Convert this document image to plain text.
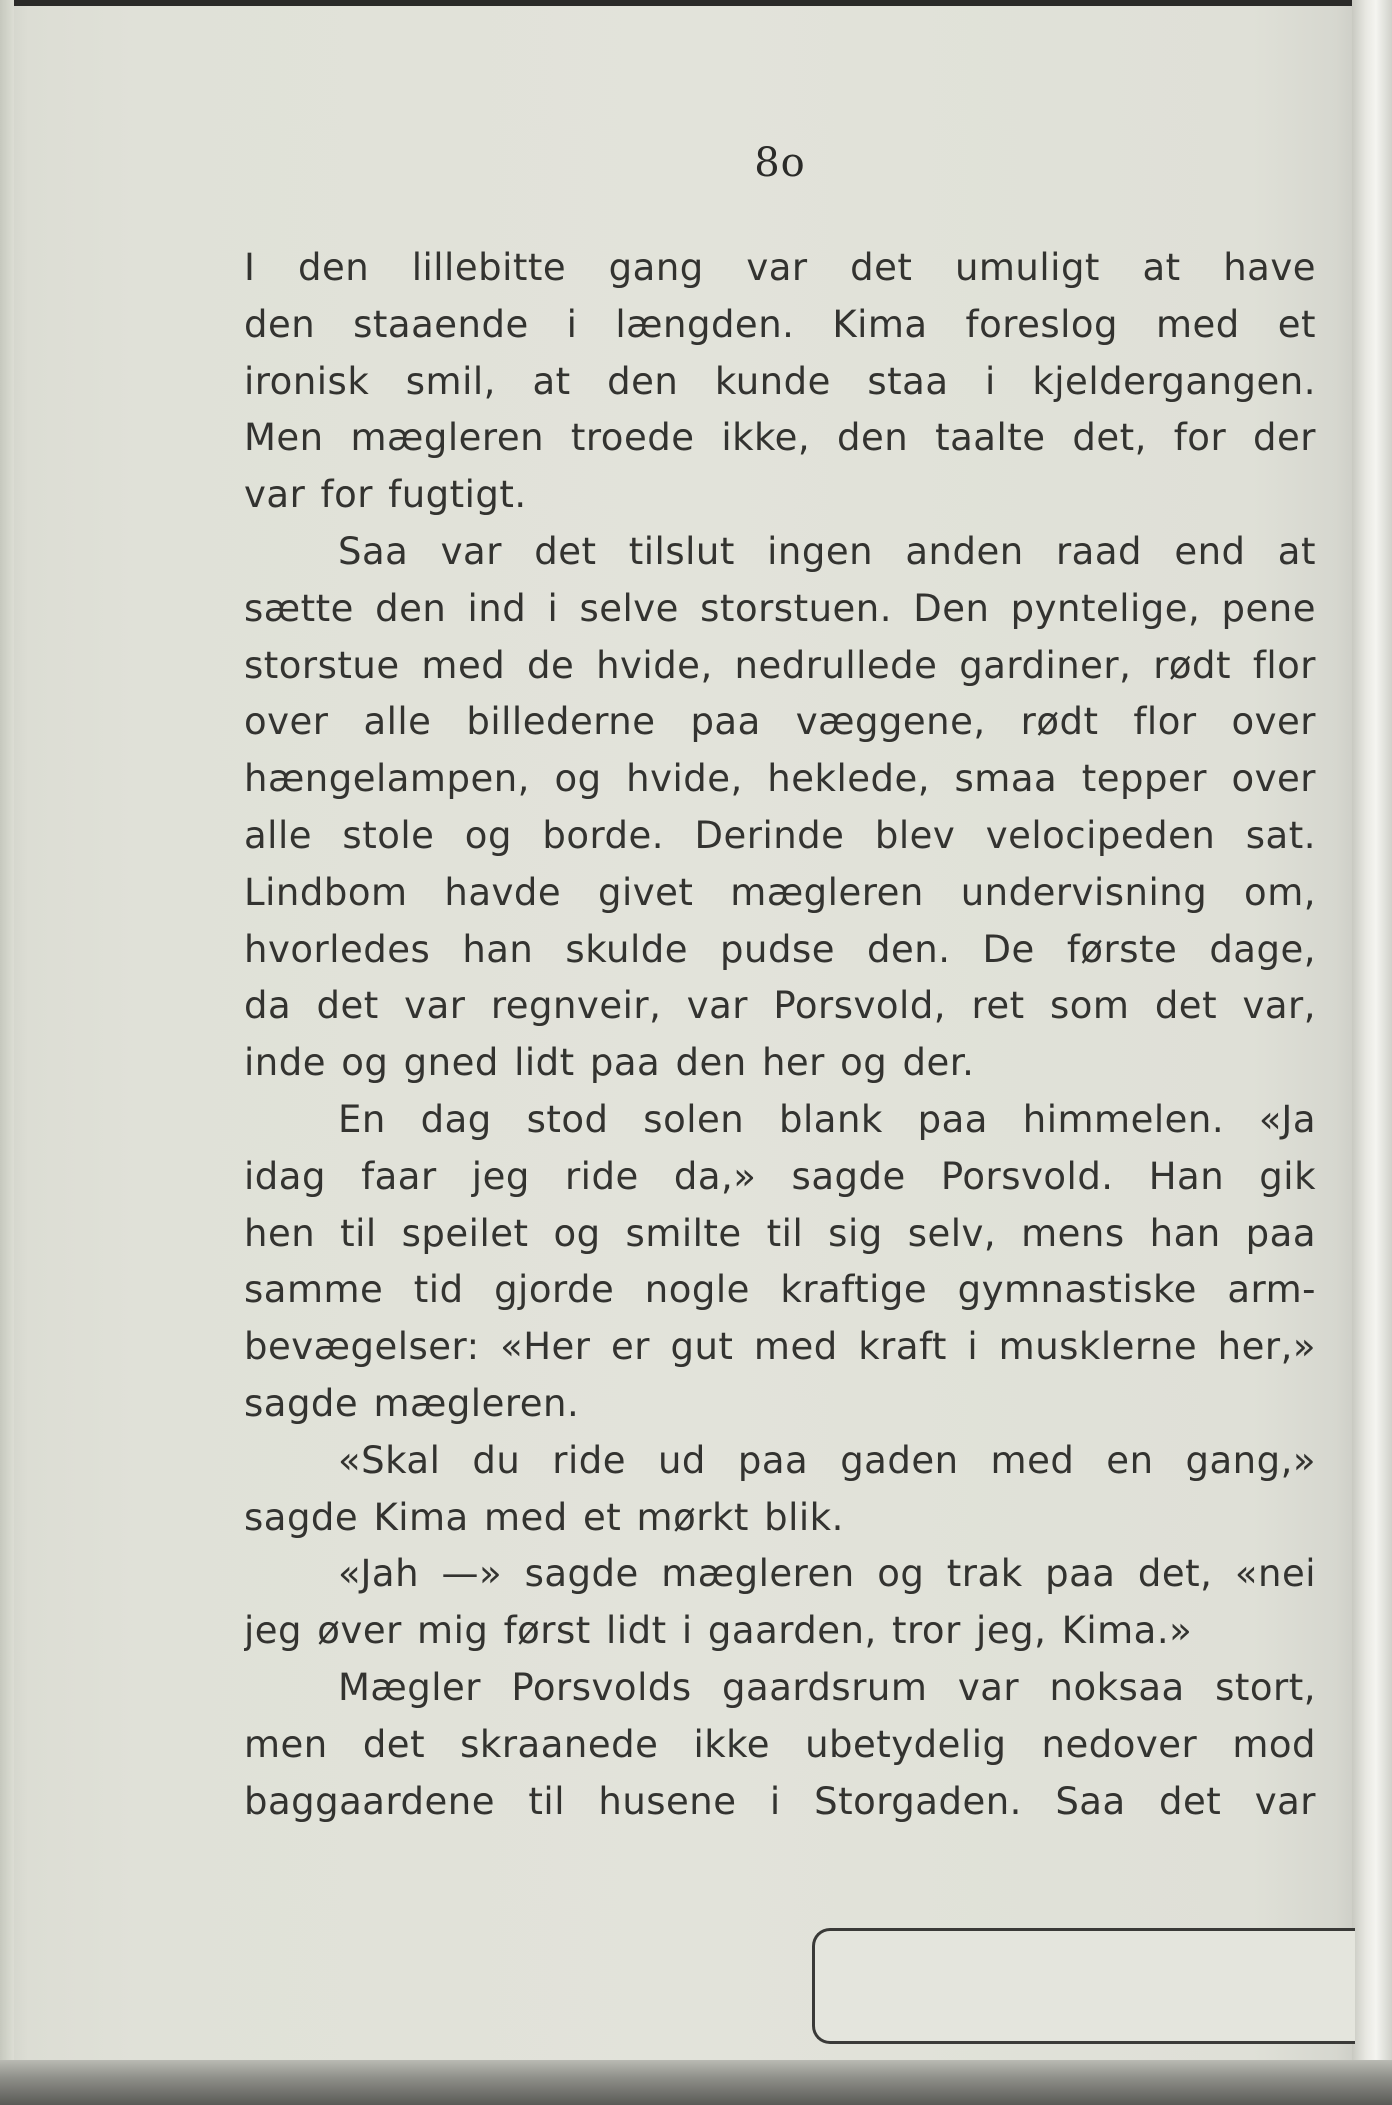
8o
I den lillebitte gang var det umuligt at have
den staaende i længden. Kima foreslog med et
ironisk smil, at den kunde staa i kjeldergangen.
Men mægleren troede ikke, den taalte det, for der
var for fugtigt.
Saa var det tilslut ingen anden raad end at
sætte den ind i selve storstuen. Den pyntelige, pene
storstue med de hvide, nedrullede gardiner, rødt flor
over alle billederne paa væggene, rødt flor over
hængelampen, og hvide, heklede, smaa tepper over
alle stole og borde. Derinde blev velocipeden sat.
Lindbom havde givet mægleren undervisning om,
hvorledes han skulde pudse den. De første dage,
da det var regnveir, var Porsvold, ret som det var,
inde og gned lidt paa den her og der.
En dag stod solen blank paa himmelen. «Ja
idag faar jeg ride da,» sagde Porsvold. Han gik
hen til speilet og smilte til sig selv, mens han paa
samme tid gjorde nogle kraftige gymnastiske arm-
bevægelser: «Her er gut med kraft i musklerne her,»
sagde mægleren.
«Skal du ride ud paa gaden med en gang,»
sagde Kima med et mørkt blik.
«Jah —» sagde mægleren og trak paa det, «nei
jeg øver mig først lidt i gaarden, tror jeg, Kima.»
Mægler Porsvolds gaardsrum var noksaa stort,
men det skraanede ikke ubetydelig nedover mod
baggaardene til husene i Storgaden. Saa det var
